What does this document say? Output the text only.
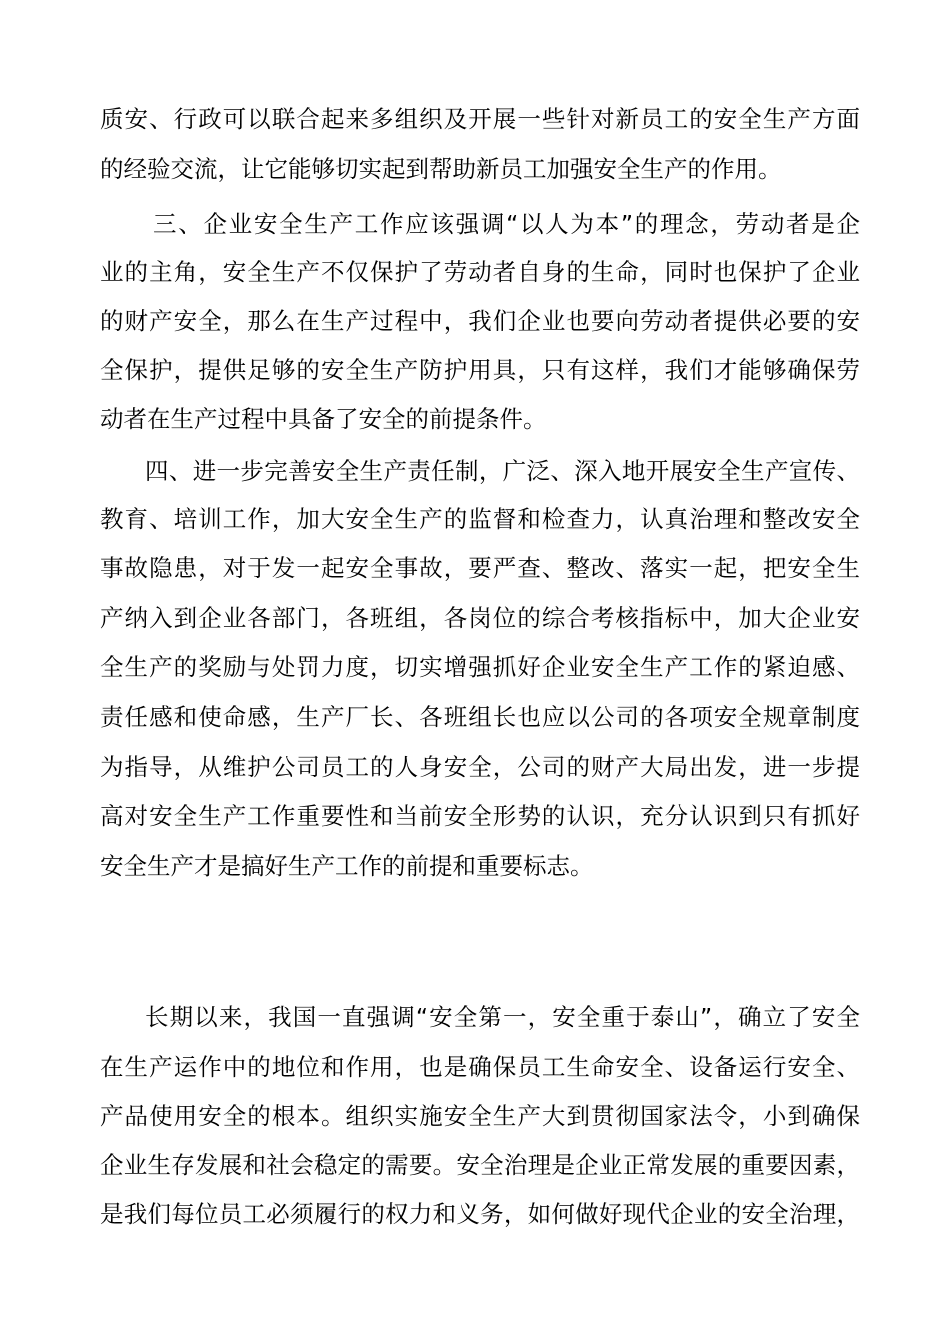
质安、行政可以联合起来多组织及开展一些针对新员工的安全生产方面
的经验交流，让它能够切实起到帮助新员工加强安全生产的作用。
三、企业安全生产工作应该强调“以人为本”的理念，劳动者是企
业的主角，安全生产不仅保护了劳动者自身的生命，同时也保护了企业
的财产安全，那么在生产过程中，我们企业也要向劳动者提供必要的安
全保护，提供足够的安全生产防护用具，只有这样，我们才能够确保劳
动者在生产过程中具备了安全的前提条件。
四、进一步完善安全生产责任制，广泛、深入地开展安全生产宣传、
教育、培训工作，加大安全生产的监督和检查力，认真治理和整改安全
事故隐患，对于发一起安全事故，要严查、整改、落实一起，把安全生
产纳入到企业各部门，各班组，各岗位的综合考核指标中，加大企业安
全生产的奖励与处罚力度，切实增强抓好企业安全生产工作的紧迫感、
责任感和使命感，生产厂长、各班组长也应以公司的各项安全规章制度
为指导，从维护公司员工的人身安全，公司的财产大局出发，进一步提
高对安全生产工作重要性和当前安全形势的认识，充分认识到只有抓好
安全生产才是搞好生产工作的前提和重要标志。
长期以来，我国一直强调“安全第一，安全重于泰山”，确立了安全
在生产运作中的地位和作用，也是确保员工生命安全、设备运行安全、
产品使用安全的根本。组织实施安全生产大到贯彻国家法令，小到确保
企业生存发展和社会稳定的需要。安全治理是企业正常发展的重要因素，
是我们每位员工必须履行的权力和义务，如何做好现代企业的安全治理，
